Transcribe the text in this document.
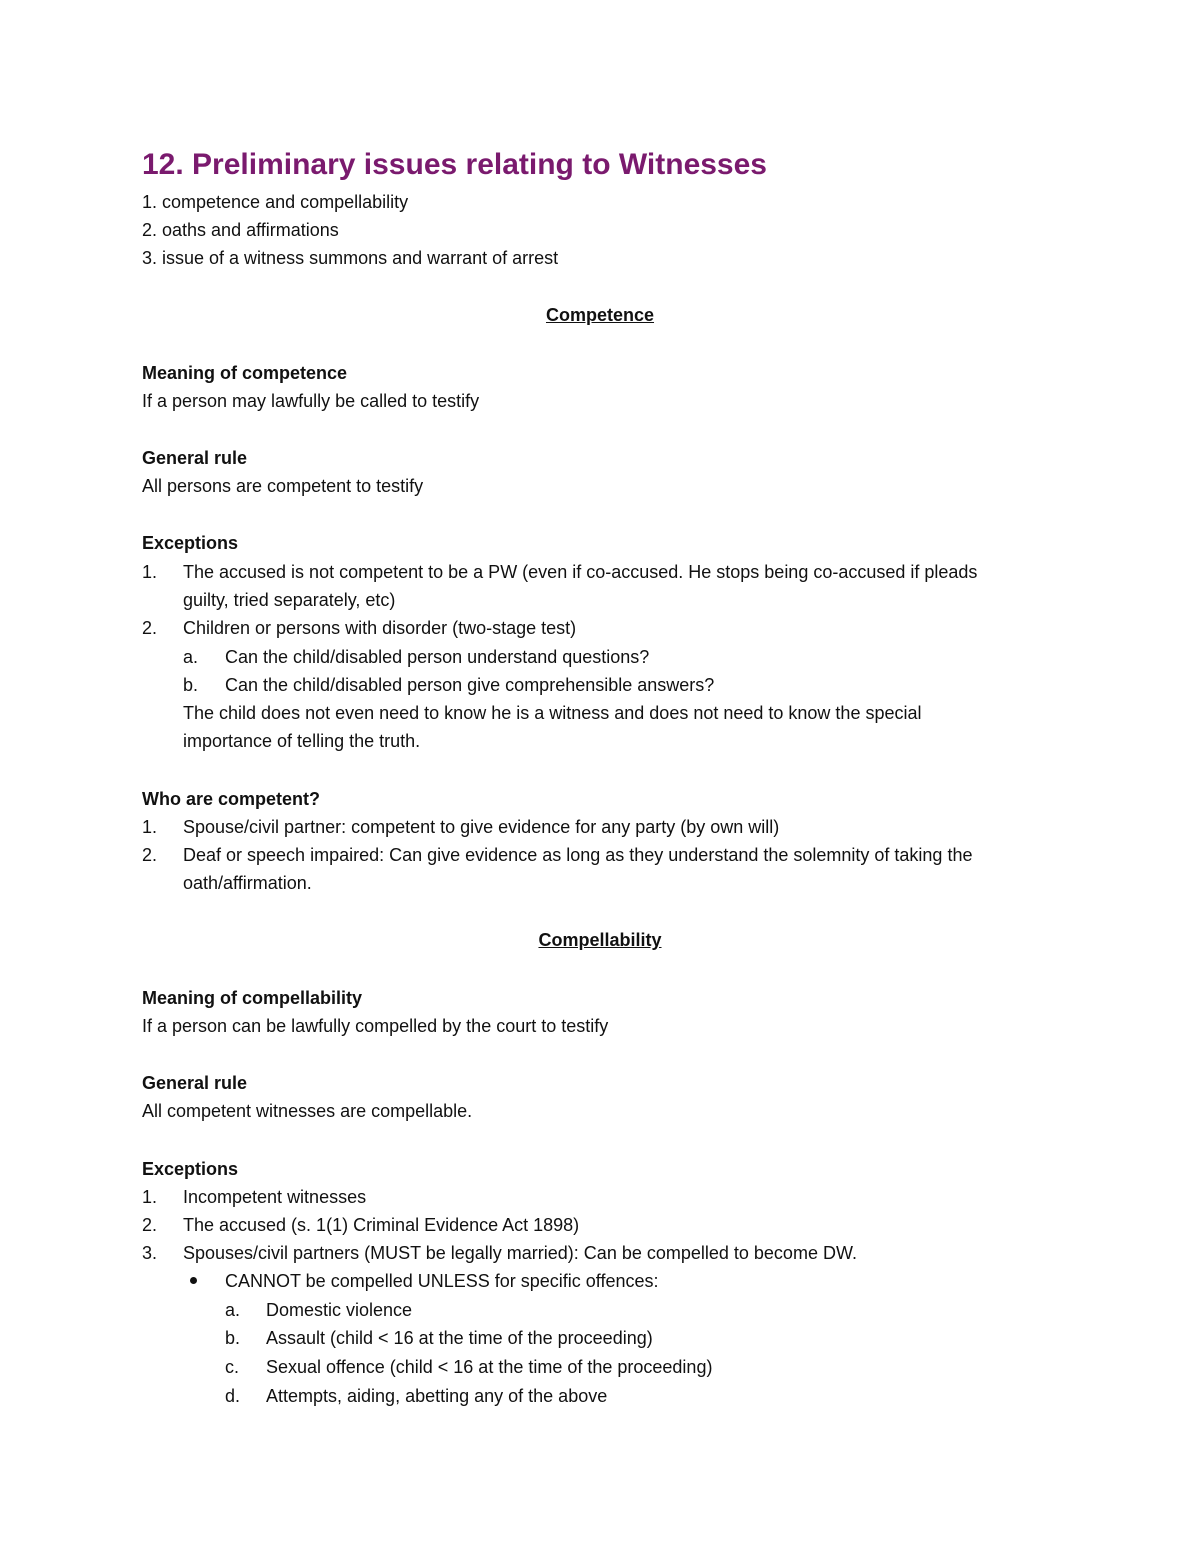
12. Preliminary issues relating to Witnesses
1. competence and compellability
2. oaths and affirmations
3. issue of a witness summons and warrant of arrest
Competence
Meaning of competence
If a person may lawfully be called to testify
General rule
All persons are competent to testify
Exceptions
1. The accused is not competent to be a PW (even if co-accused. He stops being co-accused if pleads
guilty, tried separately, etc)
2. Children or persons with disorder (two-stage test)
a. Can the child/disabled person understand questions?
b. Can the child/disabled person give comprehensible answers?
The child does not even need to know he is a witness and does not need to know the special
importance of telling the truth.
Who are competent?
1. Spouse/civil partner: competent to give evidence for any party (by own will)
2. Deaf or speech impaired: Can give evidence as long as they understand the solemnity of taking the
oath/affirmation.
Compellability
Meaning of compellability
If a person can be lawfully compelled by the court to testify
General rule
All competent witnesses are compellable.
Exceptions
1. Incompetent witnesses
2. The accused (s. 1(1) Criminal Evidence Act 1898)
3. Spouses/civil partners (MUST be legally married): Can be compelled to become DW.
CANNOT be compelled UNLESS for specific offences:
a. Domestic violence
b. Assault (child < 16 at the time of the proceeding)
c. Sexual offence (child < 16 at the time of the proceeding)
d. Attempts, aiding, abetting any of the above
